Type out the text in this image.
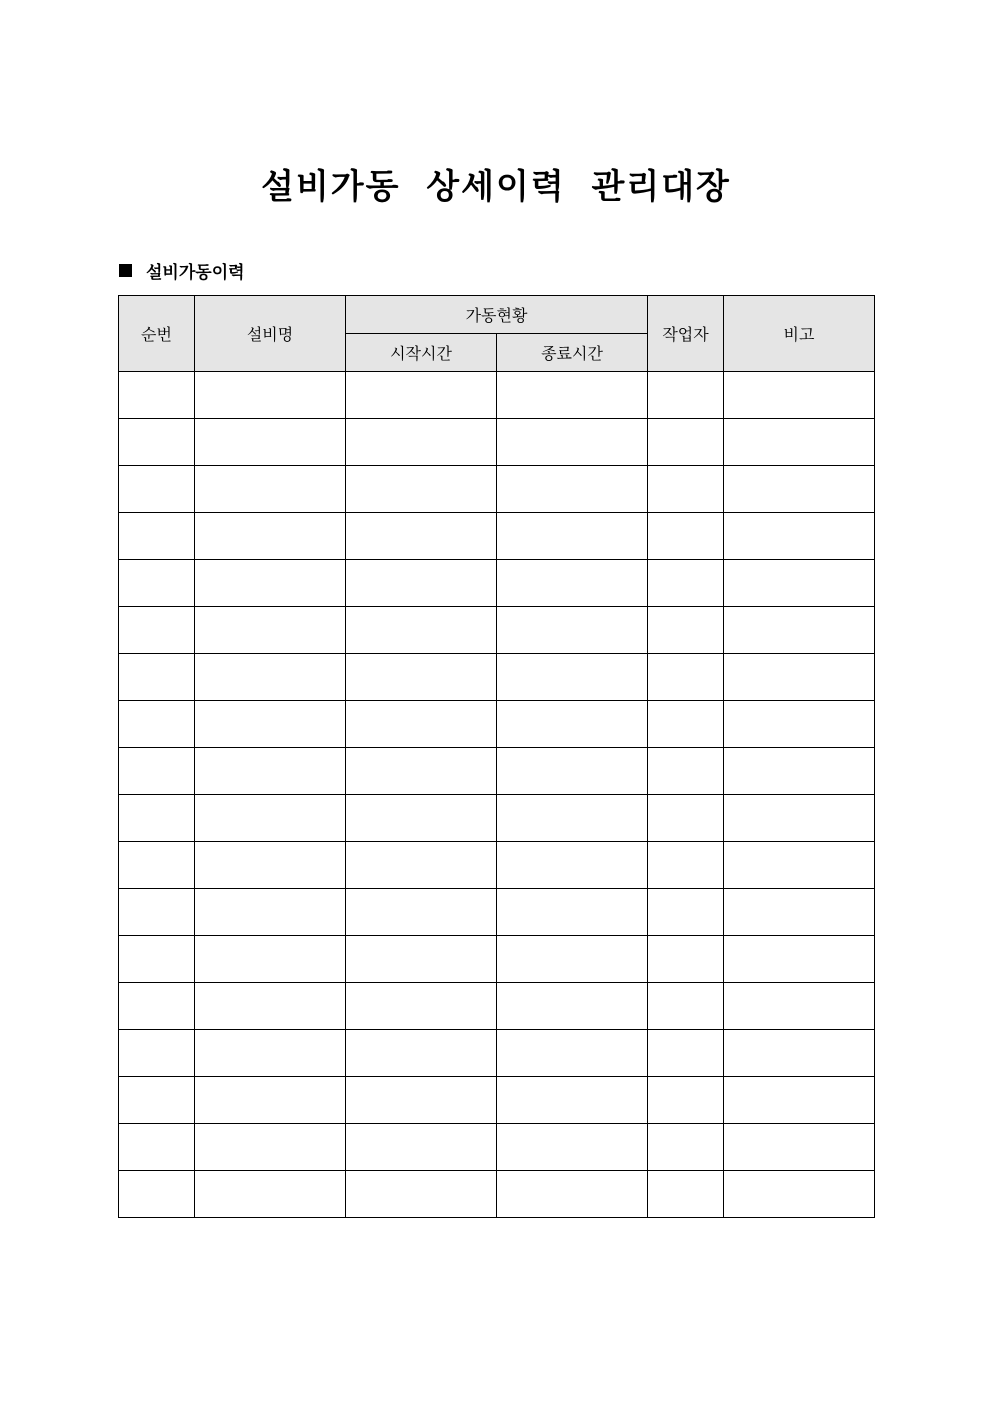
설비가동 상세이력 관리대장
설비가동이력
순번	설비명	가동현황		작업자	비고
		시작시간	종료시간		
